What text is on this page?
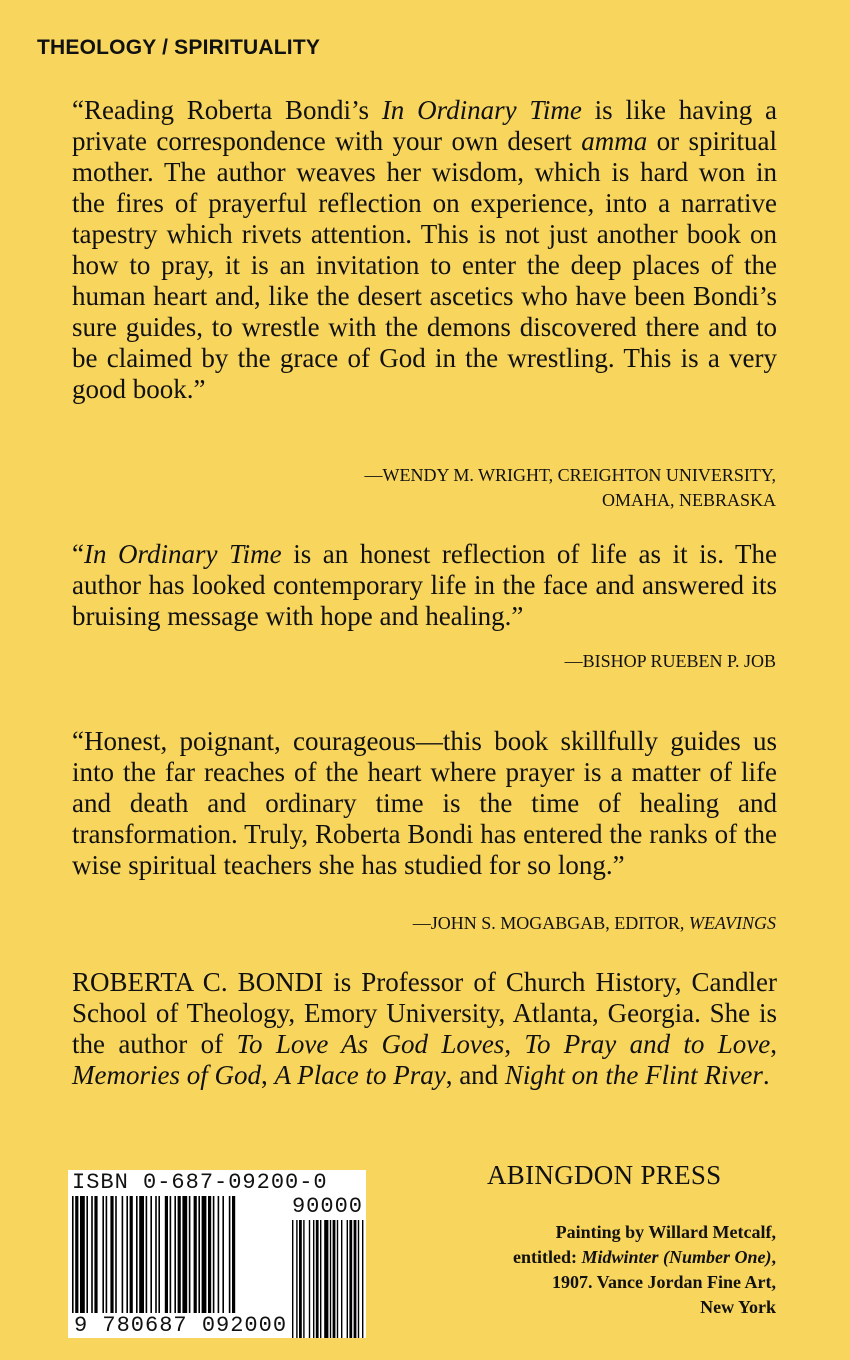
THEOLOGY / SPIRITUALITY
“Reading Roberta Bondi’s In Ordinary Time is like having a private correspondence with your own desert amma or spiritual mother. The author weaves her wisdom, which is hard won in the fires of prayerful reflection on experience, into a narrative tapestry which rivets attention. This is not just another book on how to pray, it is an invitation to enter the deep places of the human heart and, like the desert ascetics who have been Bondi’s sure guides, to wrestle with the demons discovered there and to be claimed by the grace of God in the wrestling. This is a very good book.”
—WENDY M. WRIGHT, CREIGHTON UNIVERSITY,
OMAHA, NEBRASKA
“In Ordinary Time is an honest reflection of life as it is. The author has looked contemporary life in the face and answered its bruising message with hope and healing.”
—BISHOP RUEBEN P. JOB
“Honest, poignant, courageous—this book skillfully guides us into the far reaches of the heart where prayer is a matter of life and death and ordinary time is the time of healing and transformation. Truly, Roberta Bondi has entered the ranks of the wise spiritual teachers she has studied for so long.”
—JOHN S. MOGABGAB, EDITOR, WEAVINGS
ROBERTA C. BONDI is Professor of Church History, Candler School of Theology, Emory University, Atlanta, Georgia. She is the author of To Love As God Loves, To Pray and to Love, Memories of God, A Place to Pray, and Night on the Flint River.
ISBN 0-687-09200-0
90000
9 780687 092000
ABINGDON PRESS
Painting by Willard Metcalf,
entitled: Midwinter (Number One),
1907. Vance Jordan Fine Art,
New York
